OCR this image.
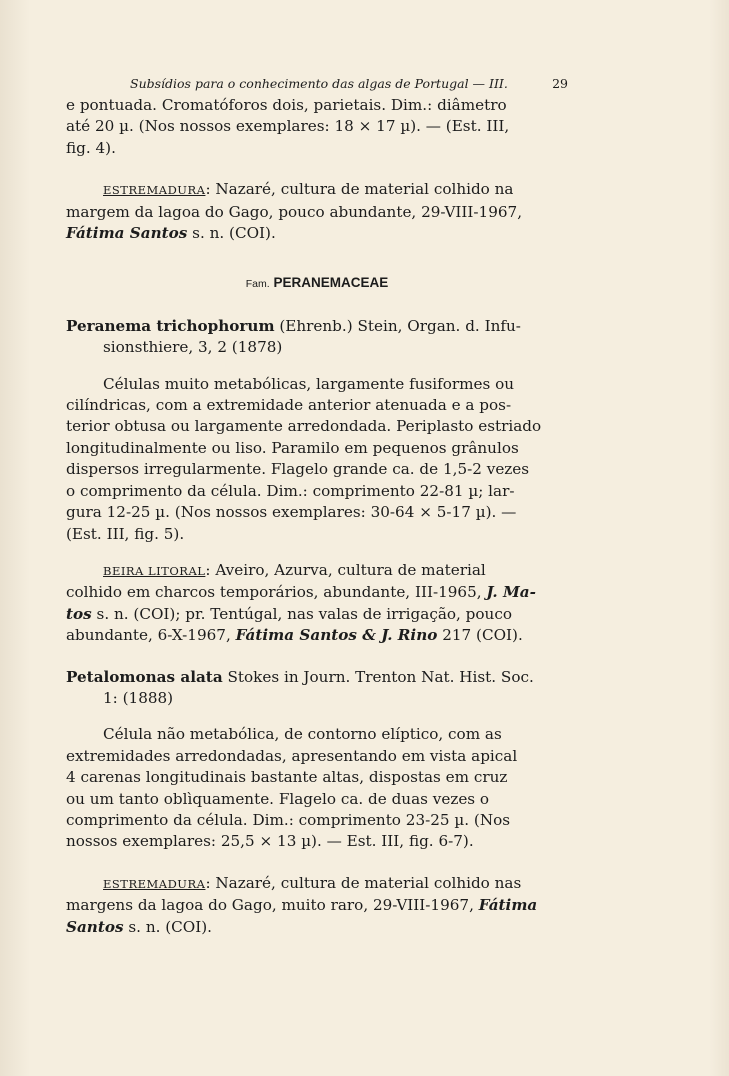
Subsídios para o conhecimento das algas de Portugal — III.	29

e pontuada. Cromatóforos dois, parietais. Dim.: diâmetro
até 20 µ. (Nos nossos exemplares: 18 × 17 µ). — (Est. III,
fig. 4).

ESTREMADURA: Nazaré, cultura de material colhido na
margem da lagoa do Gago, pouco abundante, 29-VIII-1967,
Fátima Santos s. n. (COI).

Fam. PERANEMACEAE

Peranema trichophorum (Ehrenb.) Stein, Organ. d. Infu-
sionsthiere, 3, 2 (1878)

Células muito metabólicas, largamente fusiformes ou
cilíndricas, com a extremidade anterior atenuada e a pos-
terior obtusa ou largamente arredondada. Periplasto estriado
longitudinalmente ou liso. Paramilo em pequenos grânulos
dispersos irregularmente. Flagelo grande ca. de 1,5-2 vezes
o comprimento da célula. Dim.: comprimento 22-81 µ; lar-
gura 12-25 µ. (Nos nossos exemplares: 30-64 × 5-17 µ). —
(Est. III, fig. 5).

BEIRA LITORAL: Aveiro, Azurva, cultura de material
colhido em charcos temporários, abundante, III-1965, J. Ma-
tos s. n. (COI); pr. Tentúgal, nas valas de irrigação, pouco
abundante, 6-X-1967, Fátima Santos & J. Rino 217 (COI).

Petalomonas alata Stokes in Journ. Trenton Nat. Hist. Soc.
1: (1888)

Célula não metabólica, de contorno elíptico, com as
extremidades arredondadas, apresentando em vista apical
4 carenas longitudinais bastante altas, dispostas em cruz
ou um tanto oblìquamente. Flagelo ca. de duas vezes o
comprimento da célula. Dim.: comprimento 23-25 µ. (Nos
nossos exemplares: 25,5 × 13 µ). — Est. III, fig. 6-7).

ESTREMADURA: Nazaré, cultura de material colhido nas
margens da lagoa do Gago, muito raro, 29-VIII-1967, Fátima
Santos s. n. (COI).
